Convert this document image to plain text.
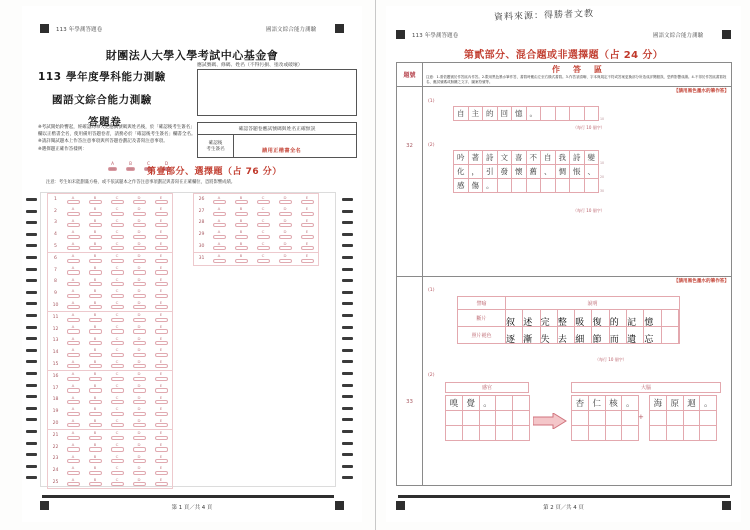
113 年學測答題卷	國語文綜合能力測驗
財團法人大學入學考試中心基金會
113 學年度學科能力測驗
國語文綜合能力測驗
答題卷
應試號碼、條碼、姓名（不得污損、塗改或破壞）
確認答題卷應試號碼與姓名正確無誤
確認後
考生簽名	請用正楷書全名
※考試開始鈴響起，經確認為本人之應試號碼與姓名後，於「確認後考生簽名」欄以正楷書全名，使用備用答題卷者，請務必於「確認後考生簽名」欄書全名。
※請詳閱試題本上作答注意事項與所答題卷劃記及書寫注意事項。
※選擇題正確作答樣例：
A	B	C	D
第壹部分、選擇題（占 76 分）
注意：考生如未能劃滿方格，或不依試題本之作答注意事項劃記與書寫在正確欄位，恐將影響成績。
1
A	B	C	D	E
2
A	B	C	D	E
3
A	B	C	D	E
4
A	B	C	D	E
5
A	B	C	D	E
6
A	B	C	D	E
7
A	B	C	D	E
8
A	B	C	D	E
9
A	B	C	D	E
10
A	B	C	D	E
11
A	B	C	D	E
12
A	B	C	D	E
13
A	B	C	D	E
14
A	B	C	D	E
15
A	B	C	D	E
16
A	B	C	D	E
17
A	B	C	D	E
18
A	B	C	D	E
19
A	B	C	D	E
20
A	B	C	D	E
21
A	B	C	D	E
22
A	B	C	D	E
23
A	B	C	D	E
24
A	B	C	D	E
25
A	B	C	D	E
26
A	B	C	D	E
27
A	B	C	D	E
28
A	B	C	D	E
29
A	B	C	D	E
30
A	B	C	D	E
31
A	B	C	D	E
第 1 頁／共 4 頁
資料來源：得勝者文教
113 年學測答題卷	國語文綜合能力測驗
第貳部分、混合題或非選擇題（占 24 分）
題號
作答區
注意：1.需依題號於作答區內作答。2.限用黑色墨水筆作答，書寫時應由左至右橫式書寫。3.作答須清晰、字本與規定不符或答案更換部分所造成評閱錯誤，恐將影響成績。4.不得於作答區書寫姓名、應試號碼或無關之文字、圖案符號等。
32
【請用黑色墨水的筆作答】
(1)
自 主 的 回 憶 。
10
（每行 10 個字）
(2)
吟 著 詩 文 喜 不 自 我 詩 變
10
化 ， 引 發 懷 舊 、 惆 悵 、
20
感 傷 。
30
（每行 10 個字）
33
【請用黑色墨水的筆作答】
(1)
譬喻	說明
斷片	叙 述 完 整 吸 復 的 記 憶
照片褪色	逐 漸 失 去 細 節 而 遺 忘
（每行 10 個字）
(2)
感官
嗅 覺 。
大腦
杏 仁 核 。
+
海 原 迴 。
第 2 頁／共 4 頁
